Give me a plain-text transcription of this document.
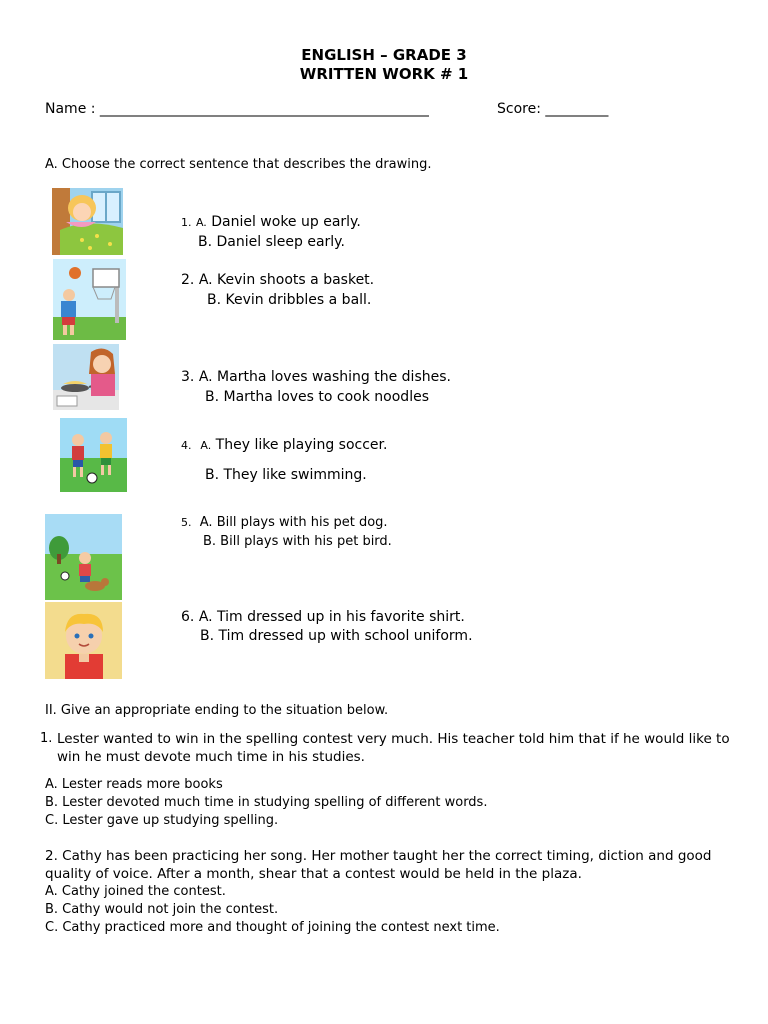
ENGLISH – GRADE 3
WRITTEN WORK # 1
Name : _______________________________________________	Score: _________
A. Choose the correct sentence that describes the drawing.
1. A. Daniel woke up early.
B. Daniel sleep early.
2. A. Kevin shoots a basket.
B. Kevin dribbles a ball.
3. A. Martha loves washing the dishes.
B. Martha loves to cook noodles
4. A. They like playing soccer.
B. They like swimming.
5. A. Bill plays with his pet dog.
B. Bill plays with his pet bird.
6. A. Tim dressed up in his favorite shirt.
B. Tim dressed up with school uniform.
II. Give an appropriate ending to the situation below.
1. Lester wanted to win in the spelling contest very much. His teacher told him that if he would like to win he must devote much time in his studies.
A. Lester reads more books
B. Lester devoted much time in studying spelling of different words.
C. Lester gave up studying spelling.
2. Cathy has been practicing her song. Her mother taught her the correct timing, diction and good quality of voice. After a month, shear that a contest would be held in the plaza.
A. Cathy joined the contest.
B. Cathy would not join the contest.
C. Cathy practiced more and thought of joining the contest next time.
